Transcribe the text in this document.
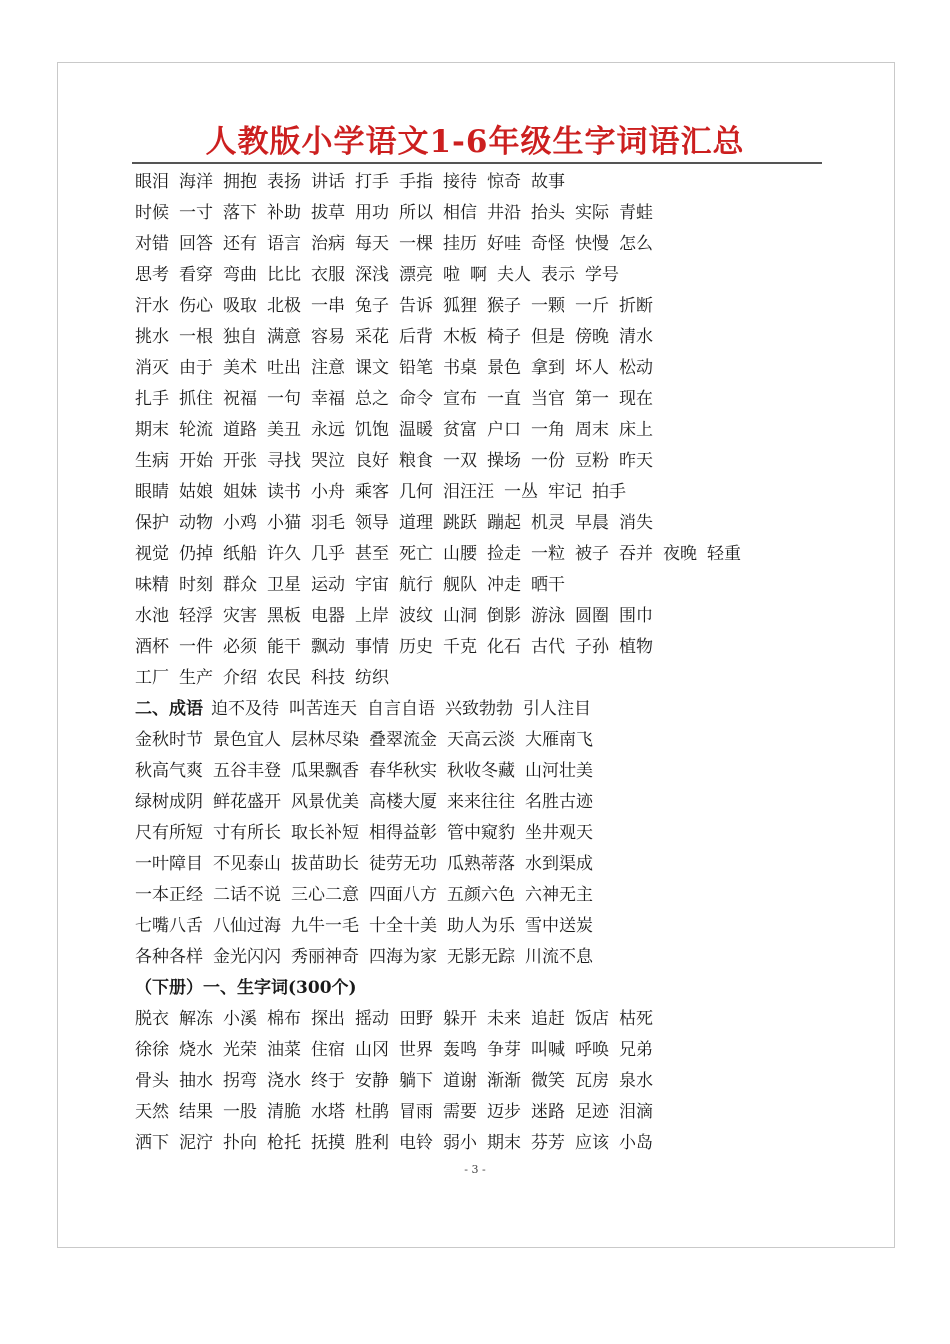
人教版小学语文1-6年级生字词语汇总
眼泪 海洋 拥抱 表扬 讲话 打手 手指 接待 惊奇 故事
时候 一寸 落下 补助 拔草 用功 所以 相信 井沿 抬头 实际 青蛙
对错 回答 还有 语言 治病 每天 一棵 挂历 好哇 奇怪 快慢 怎么
思考 看穿 弯曲 比比 衣服 深浅 漂亮 啦 啊 夫人 表示 学号
汗水 伤心 吸取 北极 一串 兔子 告诉 狐狸 猴子 一颗 一斤 折断
挑水 一根 独自 满意 容易 采花 后背 木板 椅子 但是 傍晚 清水
消灭 由于 美术 吐出 注意 课文 铅笔 书桌 景色 拿到 坏人 松动
扎手 抓住 祝福 一句 幸福 总之 命令 宣布 一直 当官 第一 现在
期末 轮流 道路 美丑 永远 饥饱 温暖 贫富 户口 一角 周末 床上
生病 开始 开张 寻找 哭泣 良好 粮食 一双 操场 一份 豆粉 昨天
眼睛 姑娘 姐妹 读书 小舟 乘客 几何 泪汪汪 一丛 牢记 拍手
保护 动物 小鸡 小猫 羽毛 领导 道理 跳跃 蹦起 机灵 早晨 消失
视觉 仍掉 纸船 许久 几乎 甚至 死亡 山腰 捡走 一粒 被子 吞并 夜晚 轻重
味精 时刻 群众 卫星 运动 宇宙 航行 舰队 冲走 晒干
水池 轻浮 灾害 黑板 电器 上岸 波纹 山洞 倒影 游泳 圆圈 围巾
酒杯 一件 必须 能干 飘动 事情 历史 千克 化石 古代 子孙 植物
工厂 生产 介绍 农民 科技 纺织
二、成语 迫不及待 叫苦连天 自言自语 兴致勃勃 引人注目
金秋时节 景色宜人 层林尽染 叠翠流金 天高云淡 大雁南飞
秋高气爽 五谷丰登 瓜果飘香 春华秋实 秋收冬藏 山河壮美
绿树成阴 鲜花盛开 风景优美 高楼大厦 来来往往 名胜古迹
尺有所短 寸有所长 取长补短 相得益彰 管中窥豹 坐井观天
一叶障目 不见泰山 拔苗助长 徒劳无功 瓜熟蒂落 水到渠成
一本正经 二话不说 三心二意 四面八方 五颜六色 六神无主
七嘴八舌 八仙过海 九牛一毛 十全十美 助人为乐 雪中送炭
各种各样 金光闪闪 秀丽神奇 四海为家 无影无踪 川流不息
（下册）一、生字词(300个)
脱衣 解冻 小溪 棉布 探出 摇动 田野 躲开 未来 追赶 饭店 枯死
徐徐 烧水 光荣 油菜 住宿 山冈 世界 轰鸣 争芽 叫喊 呼唤 兄弟
骨头 抽水 拐弯 浇水 终于 安静 躺下 道谢 渐渐 微笑 瓦房 泉水
天然 结果 一股 清脆 水塔 杜鹃 冒雨 需要 迈步 迷路 足迹 泪滴
洒下 泥泞 扑向 枪托 抚摸 胜利 电铃 弱小 期末 芬芳 应该 小岛
- 3 -
